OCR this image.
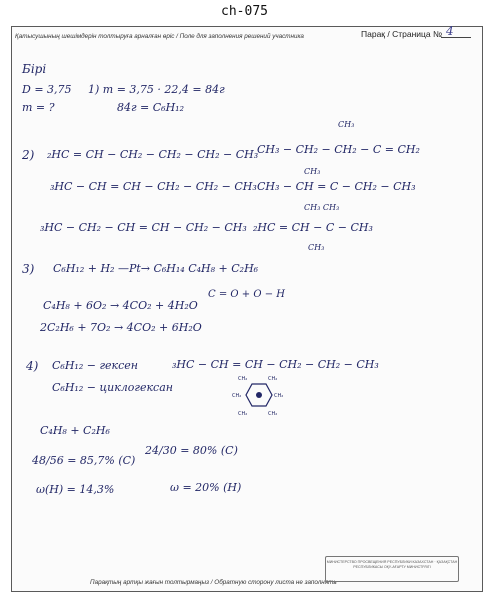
ch-075
Қатысушының шешімдерін толтыруға арналған өріс / Поле для заполнения решений участника	Парақ / Страница № 4
Бірі
D = 3,75
m = ?
1) m = 3,75 · 22,4 = 84г
84г = C₆H₁₂
2) ₂HC = CH − CH₂ − CH₂ − CH₂ − CH₃
₃HC − CH = CH − CH₂ − CH₂ − CH₃
₃HC − CH₂ − CH = CH − CH₂ − CH₃
CH₃
CH₃ − CH₂ − CH₂ − C = CH₂
CH₃
CH₃ − CH = C − CH₂ − CH₃
CH₃ CH₃
₂HC = CH − C − CH₃
CH₃
3) C₆H₁₂ + H₂ —Pt→ C₆H₁₄ C₄H₈ + C₂H₆
C₄H₈ + 6O₂ → 4CO₂ + 4H₂O
2C₂H₆ + 7O₂ → 4CO₂ + 6H₂O
C = O + O − H
4) C₆H₁₂ − гексен	₃HC − CH = CH − CH₂ − CH₂ − CH₃
C₆H₁₂ − циклогексан
CH₂	CH₂
CH₂	CH₂
CH₂	CH₂
C₄H₈ + C₂H₆
48/56 = 85,7% (C)
24/30 = 80% (C)
ω(H) = 14,3%	ω = 20% (H)
Парақтың артқы жағын толтырмаңыз / Обратную сторону листа не заполнять
МИНИСТЕРСТВО ПРОСВЕЩЕНИЯ РЕСПУБЛИКИ КАЗАХСТАН · ҚАЗАҚСТАН РЕСПУБЛИКАСЫ ОҚУ-АҒАРТУ МИНИСТРЛІГІ
